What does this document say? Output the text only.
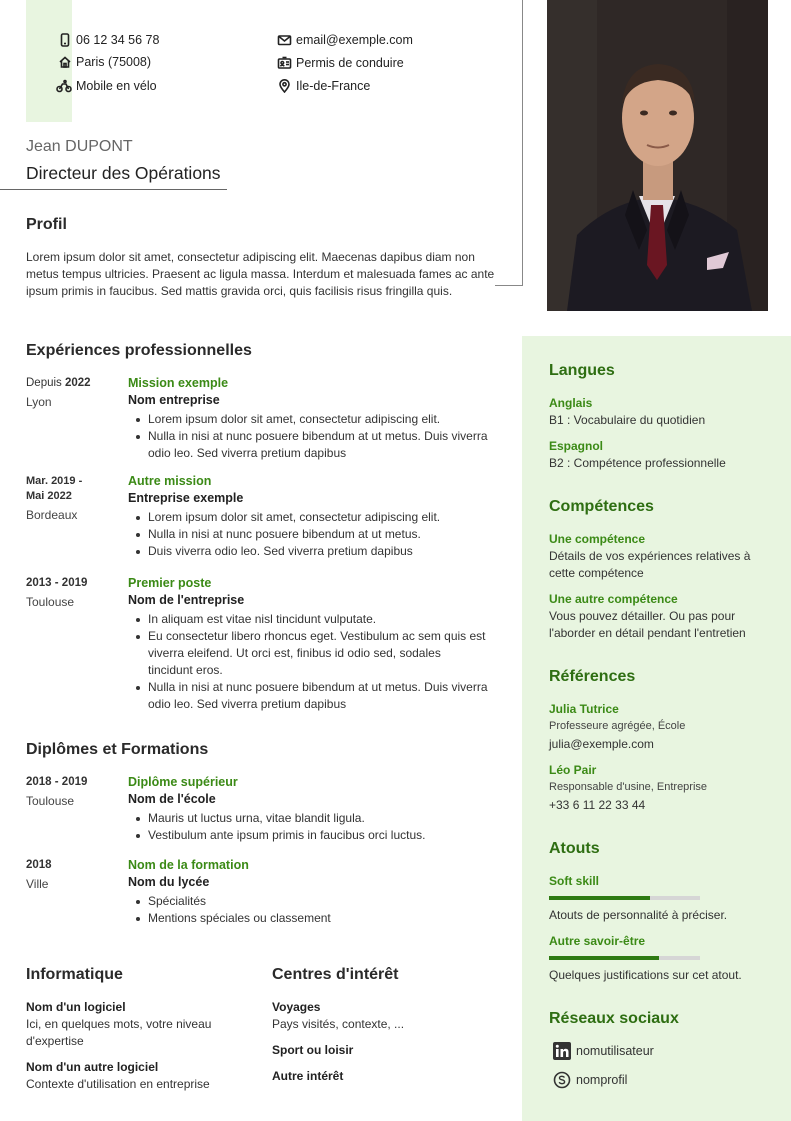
06 12 34 56 78
Paris (75008)
Mobile en vélo
email@exemple.com
Permis de conduire
Ile-de-France
Jean DUPONT
Directeur des Opérations
Profil

Lorem ipsum dolor sit amet, consectetur adipiscing elit. Maecenas dapibus diam non metus tempus ultricies. Praesent ac ligula massa. Interdum et malesuada fames ac ante ipsum primis in faucibus. Sed mattis gravida orci, quis facilisis risus fringilla quis.

Expériences professionnelles
Depuis 2022
Lyon
Mission exemple
Nom entreprise
Lorem ipsum dolor sit amet, consectetur adipiscing elit.
Nulla in nisi at nunc posuere bibendum at ut metus. Duis viverra odio leo. Sed viverra pretium dapibus
Mar. 2019 -
Mai 2022
Bordeaux
Autre mission
Entreprise exemple
Lorem ipsum dolor sit amet, consectetur adipiscing elit.
Nulla in nisi at nunc posuere bibendum at ut metus.
Duis viverra odio leo. Sed viverra pretium dapibus
2013 - 2019
Toulouse
Premier poste
Nom de l'entreprise
In aliquam est vitae nisl tincidunt vulputate.
Eu consectetur libero rhoncus eget. Vestibulum ac sem quis est viverra eleifend. Ut orci est, finibus id odio sed, sodales tincidunt eros.
Nulla in nisi at nunc posuere bibendum at ut metus. Duis viverra odio leo. Sed viverra pretium dapibus
Diplômes et Formations
2018 - 2019
Toulouse
Diplôme supérieur
Nom de l'école
Mauris ut luctus urna, vitae blandit ligula.
Vestibulum ante ipsum primis in faucibus orci luctus.
2018
Ville
Nom de la formation
Nom du lycée
Spécialités
Mentions spéciales ou classement
Informatique
Nom d'un logiciel
Ici, en quelques mots, votre niveau d'expertise
Nom d'un autre logiciel
Contexte d'utilisation en entreprise
Centres d'intérêt
Voyages
Pays visités, contexte, ...
Sport ou loisir
Autre intérêt
Langues
Anglais
B1 : Vocabulaire du quotidien
Espagnol
B2 : Compétence professionnelle
Compétences
Une compétence
Détails de vos expériences relatives à cette compétence
Une autre compétence
Vous pouvez détailler. Ou pas pour l'aborder en détail pendant l'entretien
Références
Julia Tutrice
Professeure agrégée, École
julia@exemple.com
Léo Pair
Responsable d'usine, Entreprise
+33 6 11 22 33 44
Atouts
Soft skill
Atouts de personnalité à préciser.
Autre savoir-être
Quelques justifications sur cet atout.
Réseaux sociaux
nomutilisateur
nomprofil
